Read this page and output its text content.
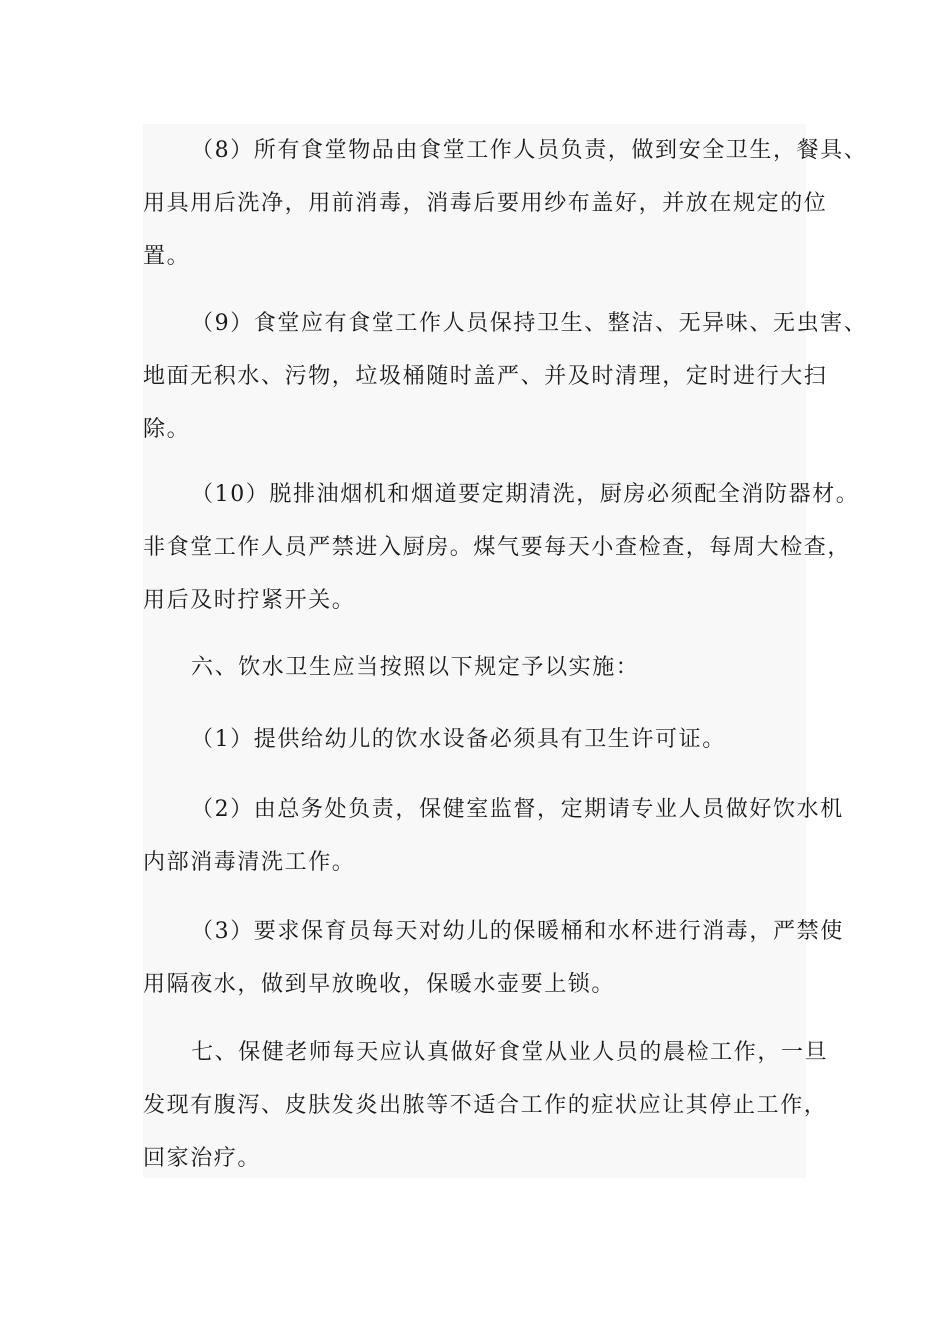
（8）所有食堂物品由食堂工作人员负责，做到安全卫生，餐具、
用具用后洗净，用前消毒，消毒后要用纱布盖好，并放在规定的位
置。
（9）食堂应有食堂工作人员保持卫生、整洁、无异味、无虫害、
地面无积水、污物，垃圾桶随时盖严、并及时清理，定时进行大扫
除。
（10）脱排油烟机和烟道要定期清洗，厨房必须配全消防器材。
非食堂工作人员严禁进入厨房。煤气要每天小查检查，每周大检查，
用后及时拧紧开关。
六、饮水卫生应当按照以下规定予以实施：
（1）提供给幼儿的饮水设备必须具有卫生许可证。
（2）由总务处负责，保健室监督，定期请专业人员做好饮水机
内部消毒清洗工作。
（3）要求保育员每天对幼儿的保暖桶和水杯进行消毒，严禁使
用隔夜水，做到早放晚收，保暖水壶要上锁。
七、保健老师每天应认真做好食堂从业人员的晨检工作，一旦
发现有腹泻、皮肤发炎出脓等不适合工作的症状应让其停止工作，
回家治疗。
